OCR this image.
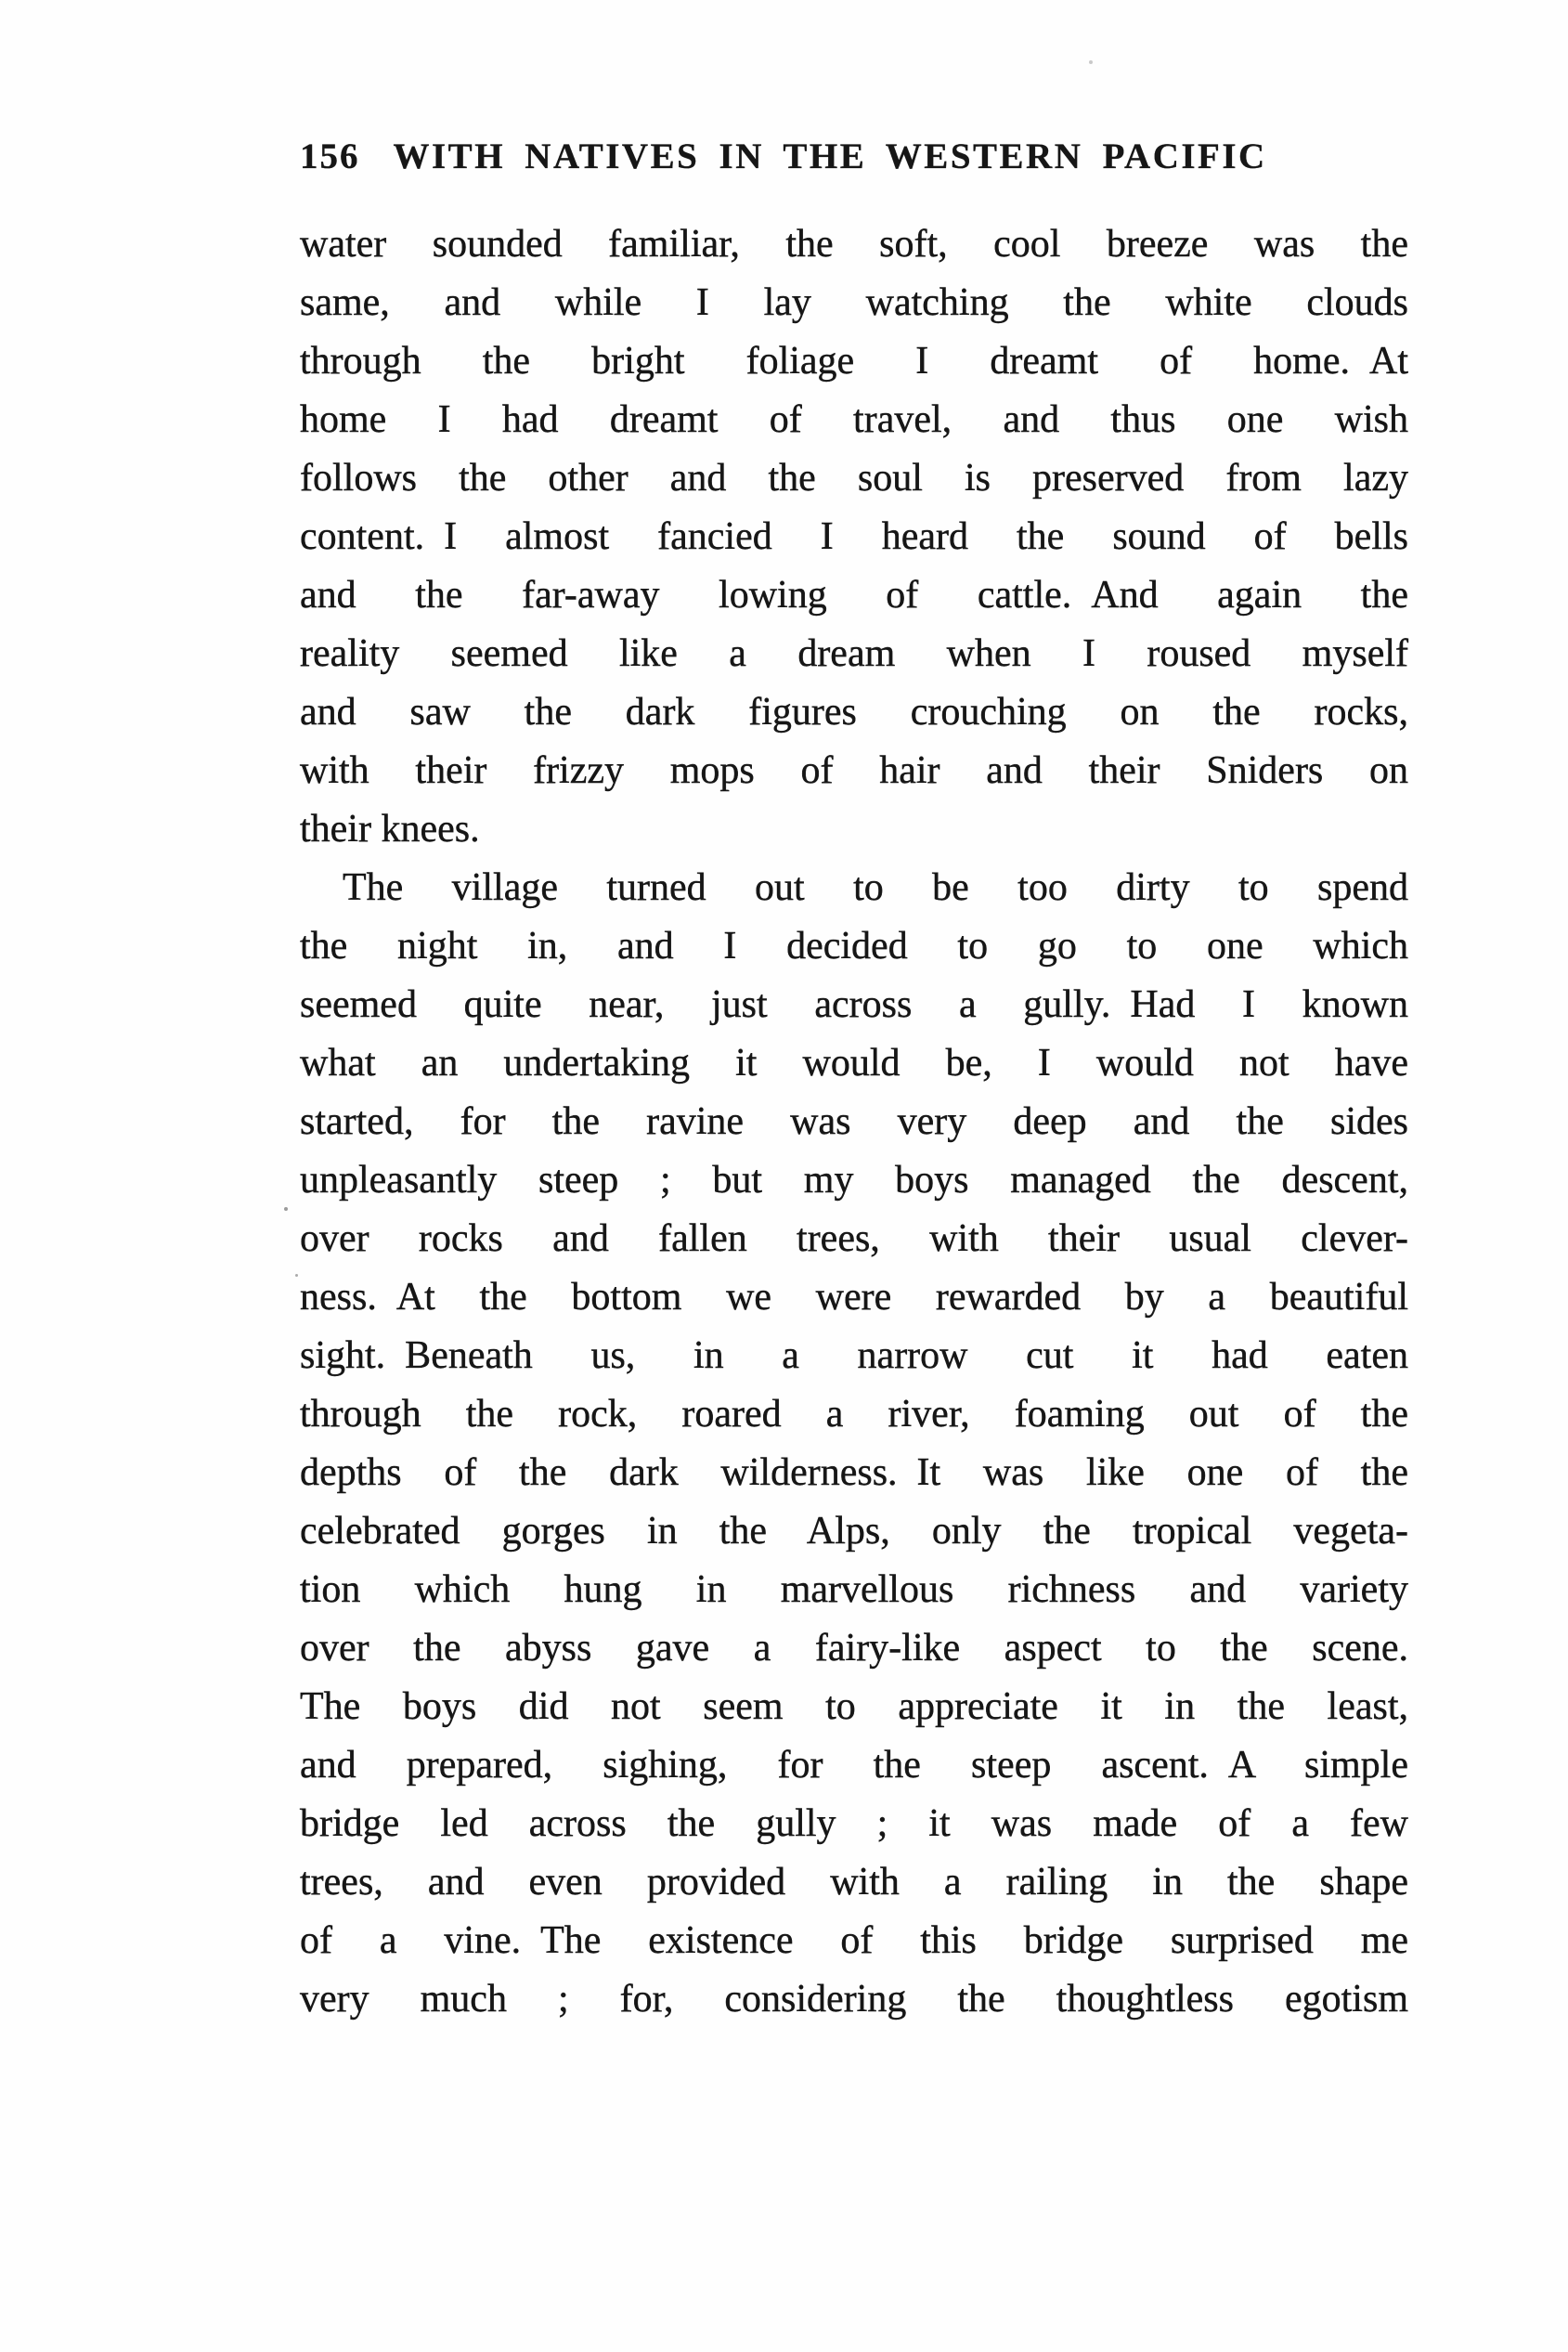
156 WITH NATIVES IN THE WESTERN PACIFIC
water sounded familiar, the soft, cool breeze was the
same, and while I lay watching the white clouds
through the bright foliage I dreamt of home. At
home I had dreamt of travel, and thus one wish
follows the other and the soul is preserved from lazy
content. I almost fancied I heard the sound of bells
and the far-away lowing of cattle. And again the
reality seemed like a dream when I roused myself
and saw the dark figures crouching on the rocks,
with their frizzy mops of hair and their Sniders on
their knees.
The village turned out to be too dirty to spend
the night in, and I decided to go to one which
seemed quite near, just across a gully. Had I known
what an undertaking it would be, I would not have
started, for the ravine was very deep and the sides
unpleasantly steep ; but my boys managed the descent,
over rocks and fallen trees, with their usual clever-
ness. At the bottom we were rewarded by a beautiful
sight. Beneath us, in a narrow cut it had eaten
through the rock, roared a river, foaming out of the
depths of the dark wilderness. It was like one of the
celebrated gorges in the Alps, only the tropical vegeta-
tion which hung in marvellous richness and variety
over the abyss gave a fairy-like aspect to the scene.
The boys did not seem to appreciate it in the least,
and prepared, sighing, for the steep ascent. A simple
bridge led across the gully ; it was made of a few
trees, and even provided with a railing in the shape
of a vine. The existence of this bridge surprised me
very much ; for, considering the thoughtless egotism
